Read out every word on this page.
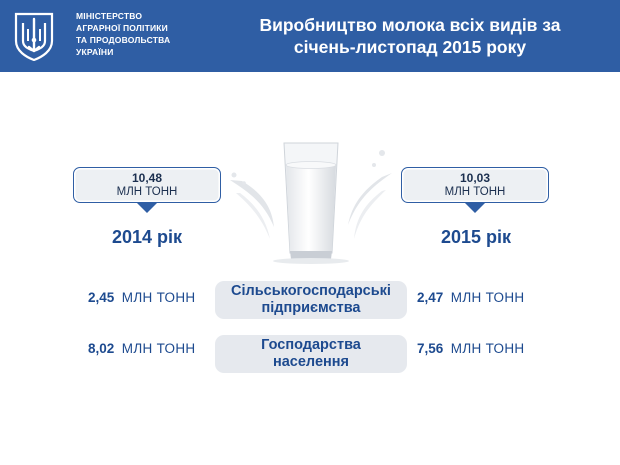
МІНІСТЕРСТВО
АГРАРНОЇ ПОЛІТИКИ
ТА ПРОДОВОЛЬСТВА
УКРАЇНИ
Виробництво молока всіх видів за
січень-листопад 2015 року
10,48
МЛН ТОНН
2014 рік
10,03
МЛН ТОНН
2015 рік
2,45 МЛН ТОНН	Сільськогосподарські
підприємства
2,47 МЛН ТОНН
8,02 МЛН ТОНН	Господарства
населення
7,56 МЛН ТОНН
